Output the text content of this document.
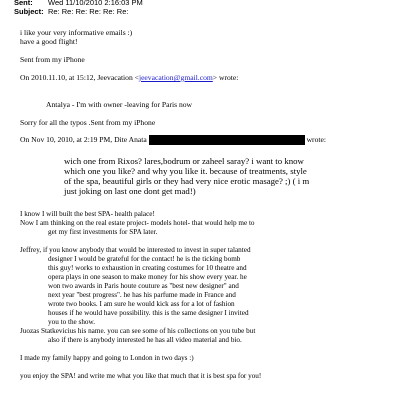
Sent: Wed 11/10/2010 2:16:03 PM
Subject: Re: Re: Re: Re: Re: Re:
i like your very informative emails :)
have a good flight!
Sent from my iPhone
On 2010.11.10, at 15:12, Jeevacation <jeevacation@gmail.com> wrote:
Antalya - I'm with owner -leaving for Paris now
Sorry for all the typos .Sent from my iPhone
On Nov 10, 2010, at 2:19 PM, Dite Anata	wrote:
wich one from Rixos? lares,bodrum or zaheel saray? i want to know
which one you like? and why you like it. because of treatments, style
of the spa, beautiful girls or they had very nice erotic masage? ;) ( i m
just joking on last one dont get mad!)
I know I will built the best SPA- health palace!
Now I am thinking on the real estate project- models hotel- that would help me to
get my first investments for SPA later.
Jeffrey, if you know anybody that would be interested to invest in super talanted
designer I would be grateful for the contact! he is the ticking bomb
this guy! works to exhaustion in creating costumes for 10 theatre and
opera plays in one season to make money for his show every year. he
won two awards in Paris houte couture as "best new designer" and
next year "best progress". he has his parfume made in France and
wrote two books. I am sure he would kick ass for a lot of fashion
houses if he would have possibility. this is the same designer I invited
you to the show.
Juozas Statkevicius his name. you can see some of his collections on you tube but
also if there is anybody interested he has all video material and bio.
I made my family happy and going to London in two days :)
you enjoy the SPA! and write me what you like that much that it is best spa for you!
